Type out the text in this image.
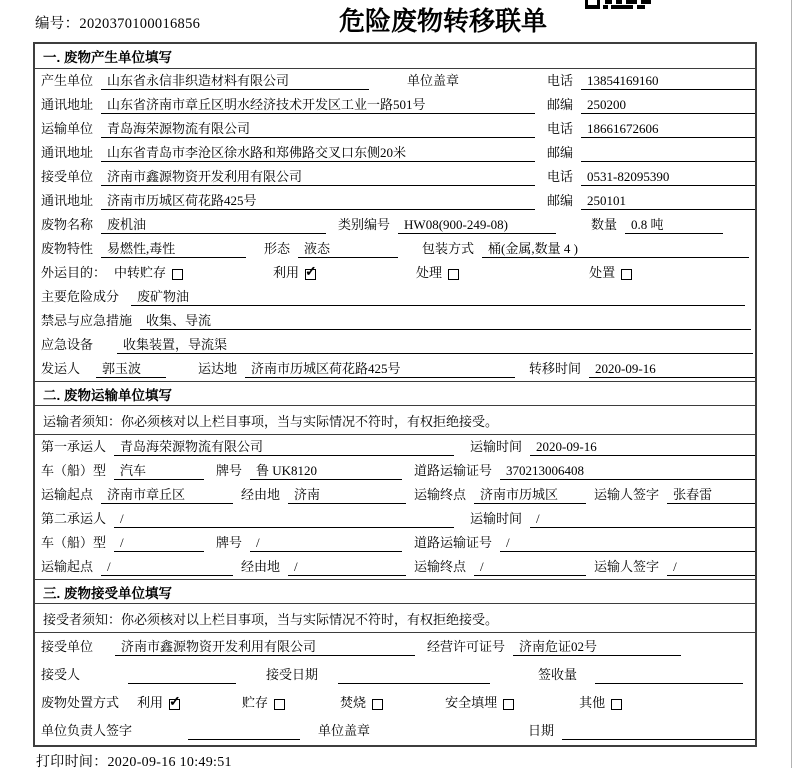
编号：2020370100016856	危险废物转移联单
一. 废物产生单位填写
产生单位	山东省永信非织造材料有限公司	单位盖章	电话	13854169160
通讯地址	山东省济南市章丘区明水经济技术开发区工业一路501号	邮编	250200
运输单位	青岛海荣源物流有限公司	电话	18661672606
通讯地址	山东省青岛市李沧区徐水路和郑佛路交叉口东侧20米	邮编
接受单位	济南市鑫源物资开发利用有限公司	电话	0531-82095390
通讯地址	济南市历城区荷花路425号	邮编	250101
废物名称	废机油	类别编号	HW08(900-249-08)	数量	0.8 吨
废物特性	易燃性,毒性	形态	液态	包装方式	桶(金属,数量 4 )
外运目的： 中转贮存	利用 ✓	处理	处置
主要危险成分	废矿物油
禁忌与应急措施	收集、导流
应急设备	收集装置，导流渠
发运人	郭玉波	运达地	济南市历城区荷花路425号	转移时间	2020-09-16
二. 废物运输单位填写
运输者须知：你必须核对以上栏目事项，当与实际情况不符时，有权拒绝接受。
第一承运人	青岛海荣源物流有限公司	运输时间	2020-09-16
车（船）型	汽车	牌号	鲁 UK8120	道路运输证号	370213006408
运输起点	济南市章丘区	经由地	济南	运输终点	济南市历城区	运输人签字	张春雷
第二承运人	/	运输时间	/
车（船）型	/	牌号	/	道路运输证号	/
运输起点	/	经由地	/	运输终点	/	运输人签字	/
三. 废物接受单位填写
接受者须知：你必须核对以上栏目事项，当与实际情况不符时，有权拒绝接受。
接受单位	济南市鑫源物资开发利用有限公司	经营许可证号	济南危证02号
接受人	接受日期	签收量
废物处置方式 利用 ✓	贮存	焚烧	安全填埋	其他
单位负责人签字	单位盖章	日期
打印时间：2020-09-16 10:49:51
